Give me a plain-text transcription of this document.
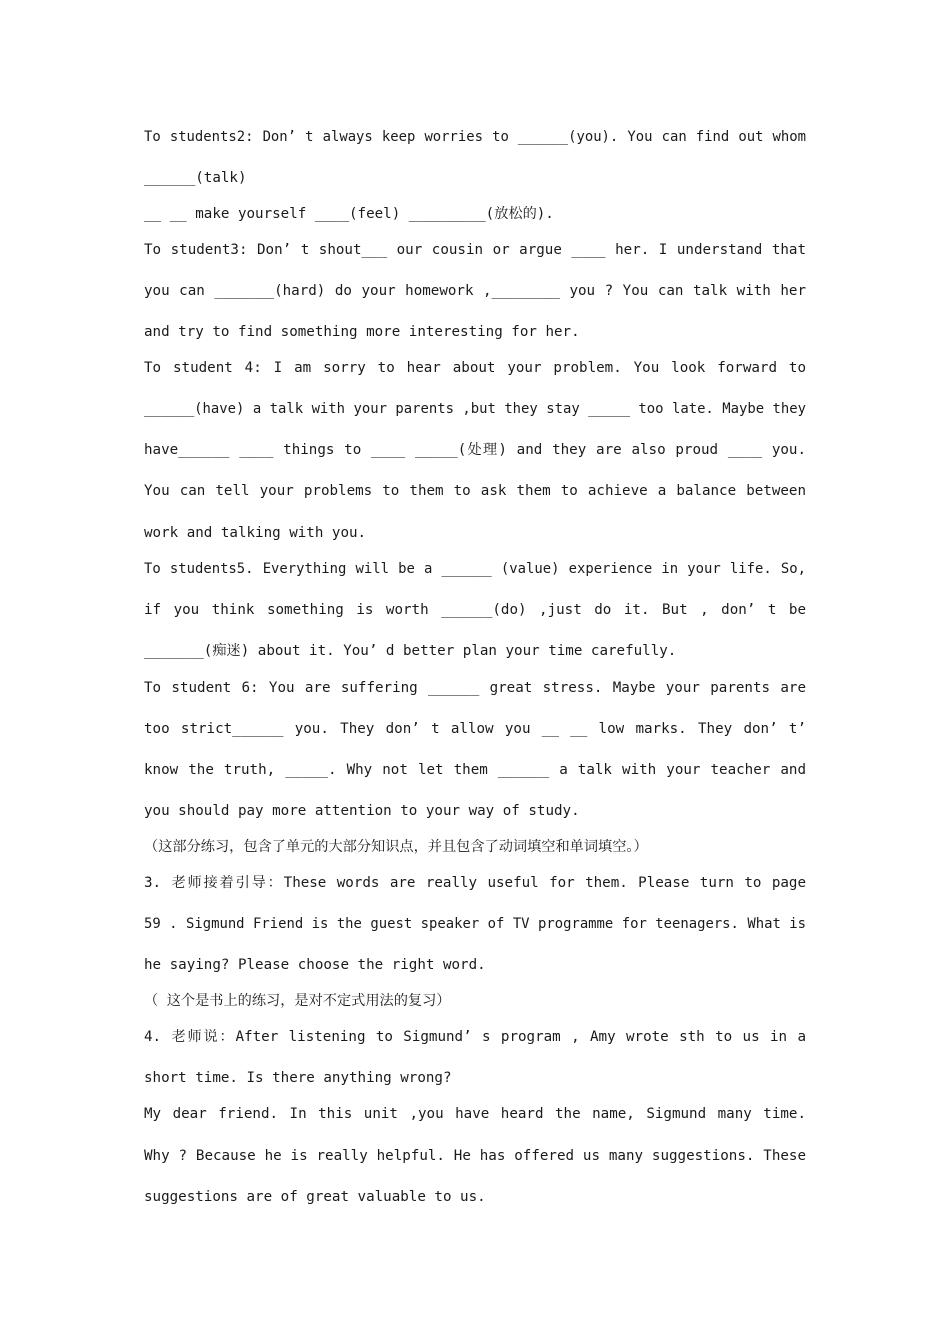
To students2: Don’ t always keep worries to ______(you). You can find out whom
______(talk)
__ __ make yourself ____(feel) _________(放松的).
To student3: Don’ t shout___ our cousin or argue ____ her. I understand that
you can _______(hard) do your homework ,________ you ? You can talk with her
and try to find something more interesting for her.
To student 4: I am sorry to hear about your problem. You look forward to
______(have) a talk with your parents ,but they stay _____ too late. Maybe they
have______ ____ things to ____ _____(处理) and they are also proud ____ you.
You can tell your problems to them to ask them to achieve a balance between
work and talking with you.
To students5. Everything will be a ______ (value) experience in your life. So,
if you think something is worth ______(do) ,just do it. But , don’ t be
_______(痴迷) about it. You’ d better plan your time carefully.
To student 6: You are suffering ______ great stress. Maybe your parents are
too strict______ you. They don’ t allow you __ __ low marks. They don’ t’
know the truth, _____. Why not let them ______ a talk with your teacher and
you should pay more attention to your way of study.
（这部分练习，包含了单元的大部分知识点，并且包含了动词填空和单词填空。）
3. 老师接着引导：These words are really useful for them. Please turn to page
59 . Sigmund Friend is the guest speaker of TV programme for teenagers. What is
he saying? Please choose the right word.
（ 这个是书上的练习，是对不定式用法的复习）
4. 老师说：After listening to Sigmund’ s program , Amy wrote sth to us in a
short time. Is there anything wrong?
My dear friend. In this unit ,you have heard the name, Sigmund many time.
Why ? Because he is really helpful. He has offered us many suggestions. These
suggestions are of great valuable to us.
